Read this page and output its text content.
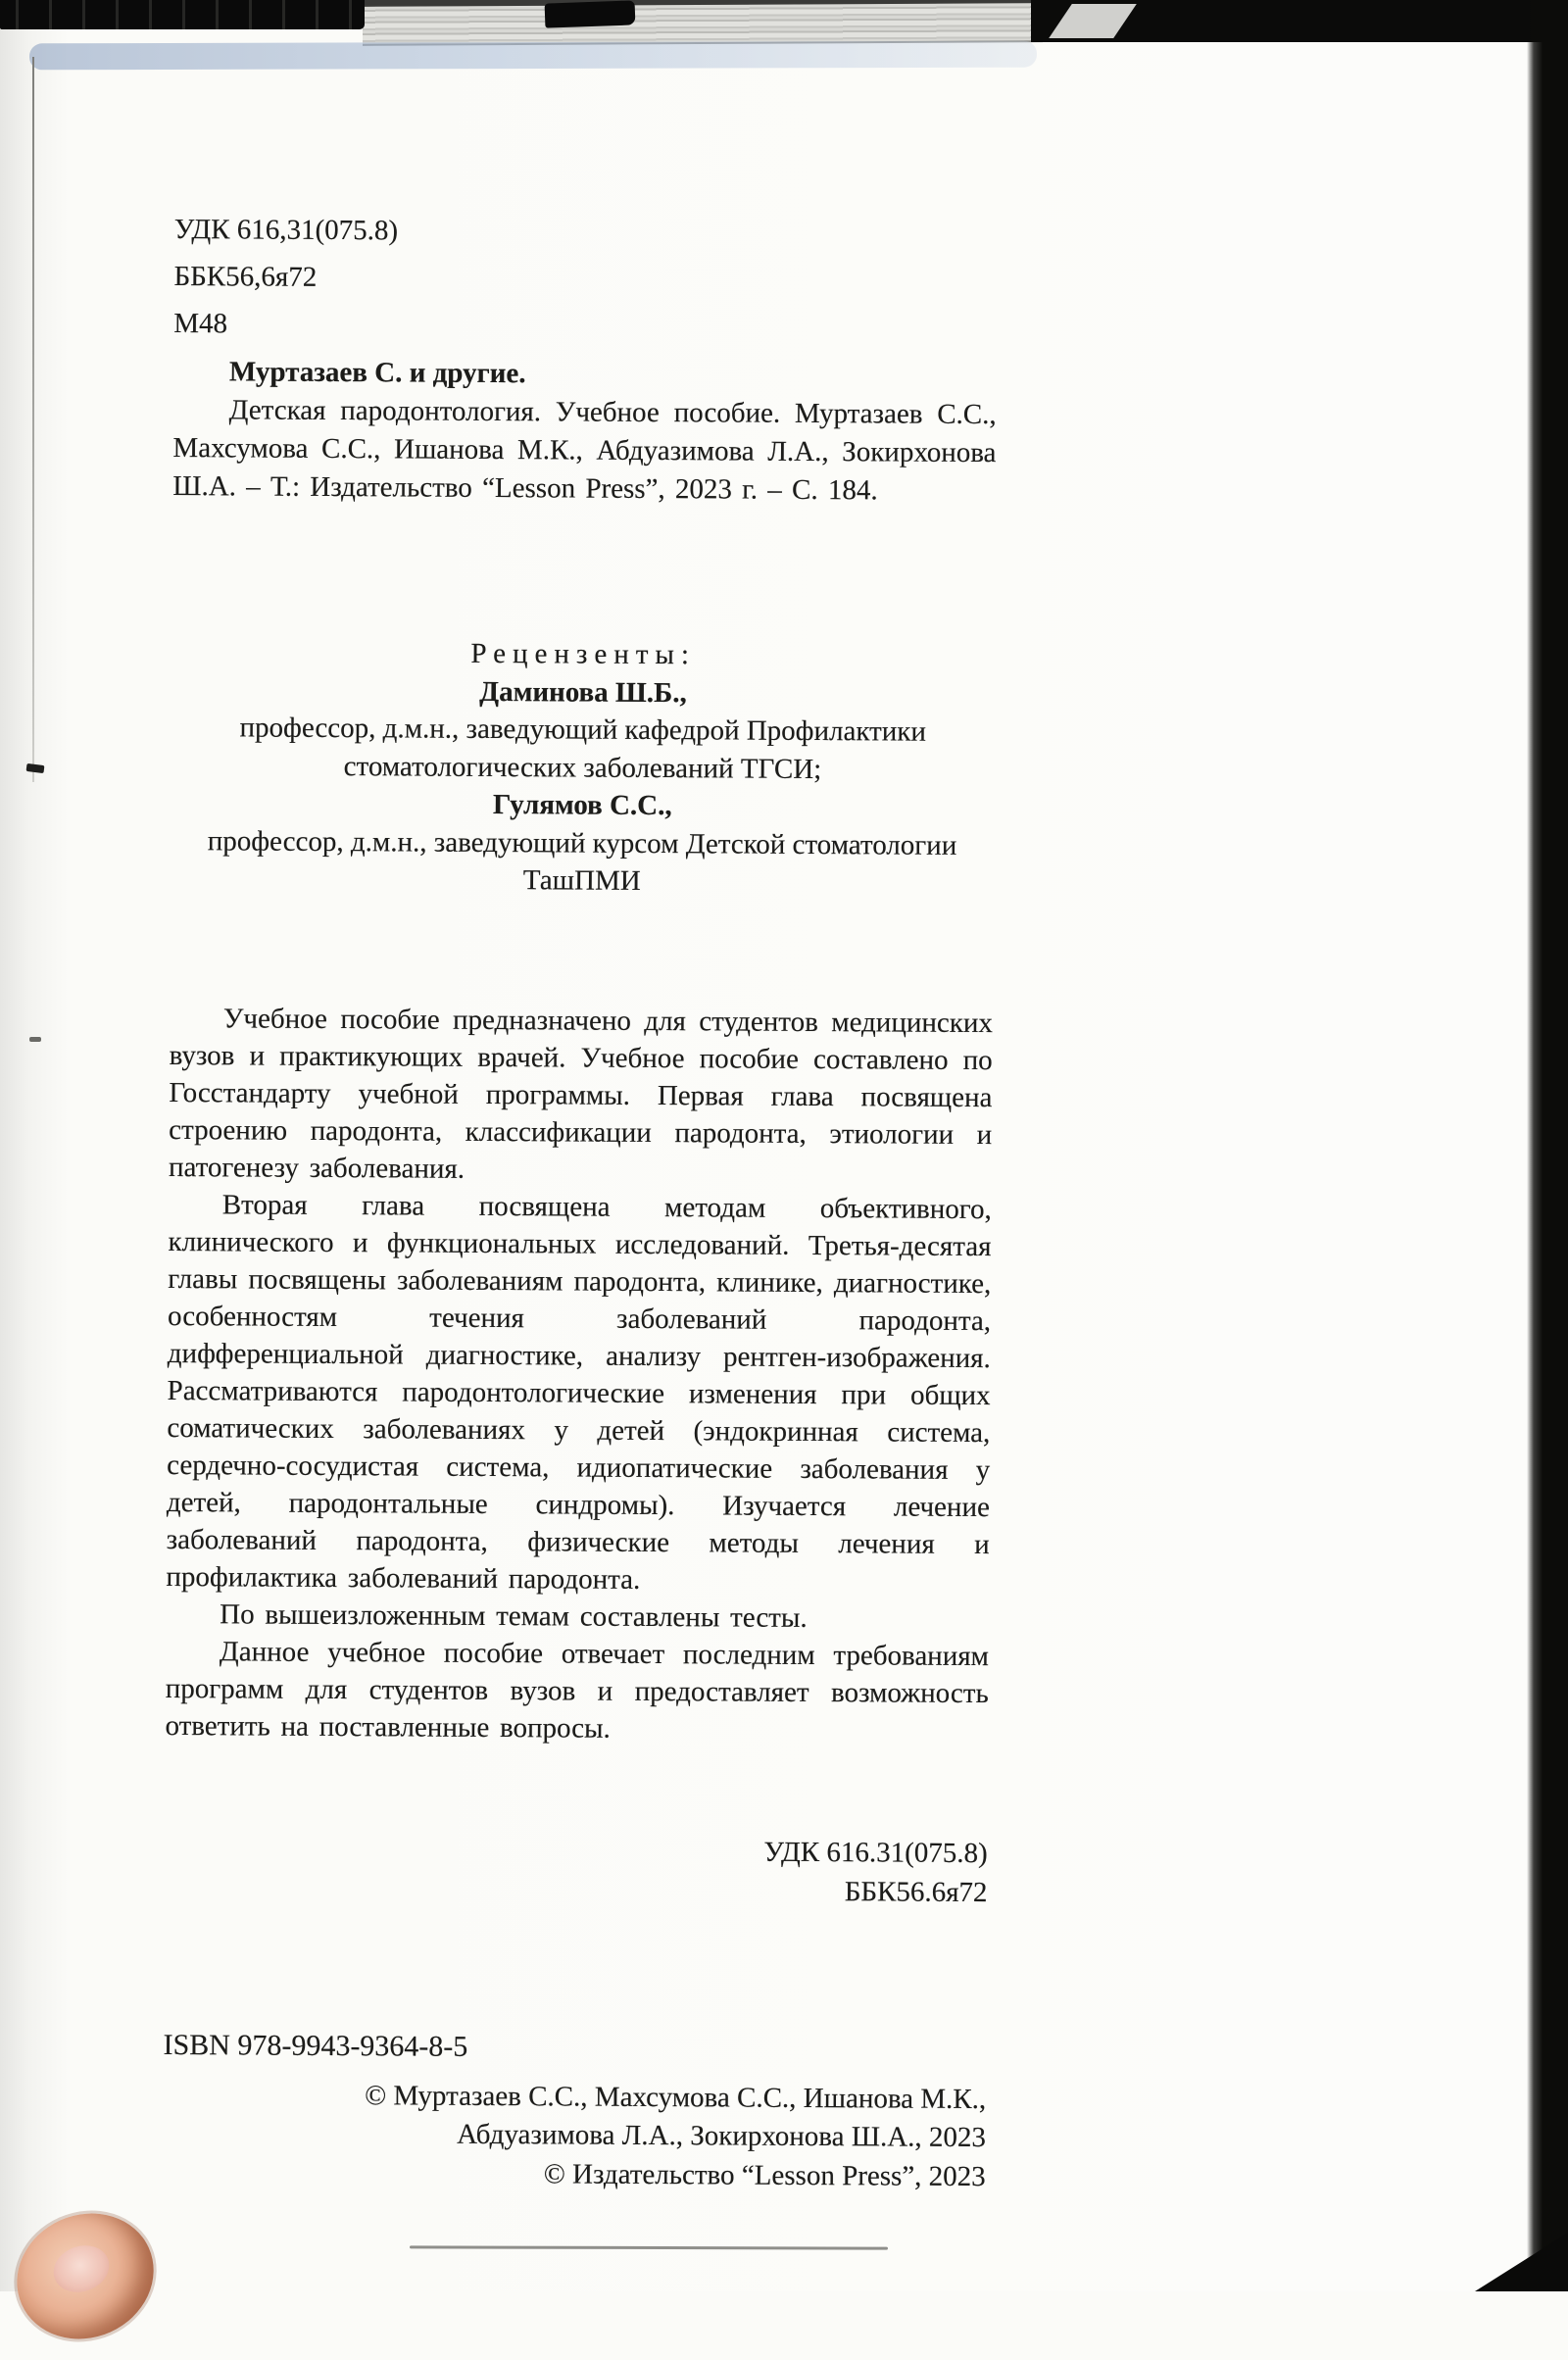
УДК 616,31(075.8)
ББК56,6я72
М48
Муртазаев С. и другие.

Детская пародонтология. Учебное пособие. Муртазаев С.С., Махсумова С.С., Ишанова М.К., Абдуазимова Л.А., Зокирхонова Ш.А. – Т.: Издательство “Lesson Press”, 2023 г. – С. 184.

Рецензенты:
Даминова Ш.Б.,
профессор, д.м.н., заведующий кафедрой Профилактики стоматологических заболеваний ТГСИ;
Гулямов С.С.,
профессор, д.м.н., заведующий курсом Детской стоматологии ТашПМИ

Учебное пособие предназначено для студентов медицинских вузов и практикующих врачей. Учебное пособие составлено по Госстандарту учебной программы. Первая глава посвящена строению пародонта, классификации пародонта, этиологии и патогенезу заболевания.

Вторая глава посвящена методам объективного, клинического и функциональных исследований. Третья-десятая главы посвящены заболеваниям пародонта, клинике, диагностике, особенностям течения заболеваний пародонта, дифференциальной диагностике, анализу рентген-изображения. Рассматриваются пародонтологические изменения при общих соматических заболеваниях у детей (эндокринная система, сердечно-сосудистая система, идиопатические заболевания у детей, пародонтальные синдромы). Изучается лечение заболеваний пародонта, физические методы лечения и профилактика заболеваний пародонта.

По вышеизложенным темам составлены тесты.

Данное учебное пособие отвечает последним требованиям программ для студентов вузов и предоставляет возможность ответить на поставленные вопросы.

УДК 616.31(075.8)
ББК56.6я72
ISBN 978-9943-9364-8-5
© Муртазаев С.С., Махсумова С.С., Ишанова М.К.,
Абдуазимова Л.А., Зокирхонова Ш.А., 2023
© Издательство “Lesson Press”, 2023
